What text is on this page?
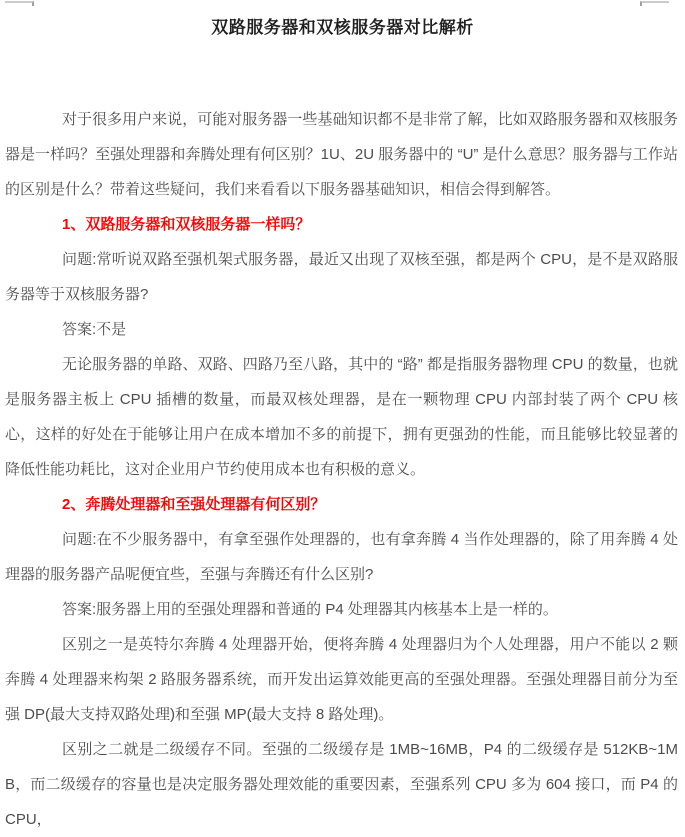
双路服务器和双核服务器对比解析

对于很多用户来说，可能对服务器一些基础知识都不是非常了解，比如双路服务器和双核服务器是一样吗？至强处理器和奔腾处理有何区别？1U、2U 服务器中的 “U” 是什么意思？服务器与工作站的区别是什么？带着这些疑问，我们来看看以下服务器基础知识，相信会得到解答。

1、双路服务器和双核服务器一样吗？

问题:常听说双路至强机架式服务器，最近又出现了双核至强，都是两个 CPU，是不是双路服务器等于双核服务器?

答案:不是

无论服务器的单路、双路、四路乃至八路，其中的 “路” 都是指服务器物理 CPU 的数量，也就是服务器主板上 CPU 插槽的数量，而最双核处理器，是在一颗物理 CPU 内部封装了两个 CPU 核心，这样的好处在于能够让用户在成本增加不多的前提下，拥有更强劲的性能，而且能够比较显著的降低性能功耗比，这对企业用户节约使用成本也有积极的意义。

2、奔腾处理器和至强处理器有何区别？

问题:在不少服务器中，有拿至强作处理器的，也有拿奔腾 4 当作处理器的，除了用奔腾 4 处理器的服务器产品呢便宜些，至强与奔腾还有什么区别?

答案:服务器上用的至强处理器和普通的 P4 处理器其内核基本上是一样的。

区别之一是英特尔奔腾 4 处理器开始，便将奔腾 4 处理器归为个人处理器，用户不能以 2 颗奔腾 4 处理器来构架 2 路服务器系统，而开发出运算效能更高的至强处理器。至强处理器目前分为至强 DP(最大支持双路处理)和至强 MP(最大支持 8 路处理)。

区别之二就是二级缓存不同。至强的二级缓存是 1MB~16MB，P4 的二级缓存是 512KB~1MB，而二级缓存的容量也是决定服务器处理效能的重要因素，至强系列 CPU 多为 604 接口，而 P4 的 CPU，
